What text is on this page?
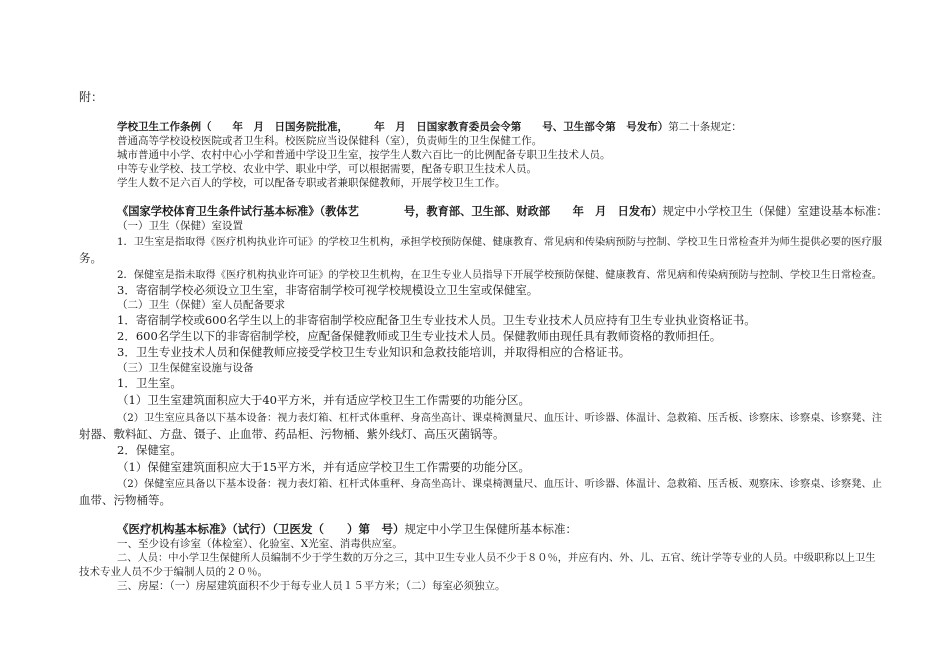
附：
学校卫生工作条例（　　年　月　日国务院批准，　　　年　月　日国家教育委员会令第　　号、卫生部令第　号发布）第二十条规定：
普通高等学校设校医院或者卫生科。校医院应当设保健科（室），负责师生的卫生保健工作。
城市普通中小学、农村中心小学和普通中学设卫生室，按学生人数六百比一的比例配备专职卫生技术人员。
中等专业学校、技工学校、农业中学、职业中学，可以根据需要，配备专职卫生技术人员。
学生人数不足六百人的学校，可以配备专职或者兼职保健教师，开展学校卫生工作。
《国家学校体育卫生条件试行基本标准》（教体艺　　　　号，教育部、卫生部、财政部　　年　月　日发布）规定中小学校卫生（保健）室建设基本标准：
（一）卫生（保健）室设置
1．卫生室是指取得《医疗机构执业许可证》的学校卫生机构，承担学校预防保健、健康教育、常见病和传染病预防与控制、学校卫生日常检查并为师生提供必要的医疗服
务。
2．保健室是指未取得《医疗机构执业许可证》的学校卫生机构，在卫生专业人员指导下开展学校预防保健、健康教育、常见病和传染病预防与控制、学校卫生日常检查。
3．寄宿制学校必须设立卫生室，非寄宿制学校可视学校规模设立卫生室或保健室。
（二）卫生（保健）室人员配备要求
1．寄宿制学校或600名学生以上的非寄宿制学校应配备卫生专业技术人员。卫生专业技术人员应持有卫生专业执业资格证书。
2．600名学生以下的非寄宿制学校，应配备保健教师或卫生专业技术人员。保健教师由现任具有教师资格的教师担任。
3．卫生专业技术人员和保健教师应接受学校卫生专业知识和急救技能培训，并取得相应的合格证书。
（三）卫生保健室设施与设备
1．卫生室。
（1）卫生室建筑面积应大于40平方米，并有适应学校卫生工作需要的功能分区。
（2）卫生室应具备以下基本设备：视力表灯箱、杠杆式体重秤、身高坐高计、课桌椅测量尺、血压计、听诊器、体温计、急救箱、压舌板、诊察床、诊察桌、诊察凳、注
射器、敷料缸、方盘、镊子、止血带、药品柜、污物桶、紫外线灯、高压灭菌锅等。
2．保健室。
（1）保健室建筑面积应大于15平方米，并有适应学校卫生工作需要的功能分区。
（2）保健室应具备以下基本设备：视力表灯箱、杠杆式体重秤、身高坐高计、课桌椅测量尺、血压计、听诊器、体温计、急救箱、压舌板、观察床、诊察桌、诊察凳、止
血带、污物桶等。
《医疗机构基本标准》（试行）（卫医发（　　）第　号）规定中小学卫生保健所基本标准：
一、至少设有诊室（体检室）、化验室、X光室、消毒供应室。
二、人员：中小学卫生保健所人员编制不少于学生数的万分之三，其中卫生专业人员不少于８０％，并应有内、外、儿、五官、统计学等专业的人员。中级职称以上卫生
技术专业人员不少于编制人员的２０％。
三、房屋：（一）房屋建筑面积不少于每专业人员１５平方米；（二）每室必须独立。
